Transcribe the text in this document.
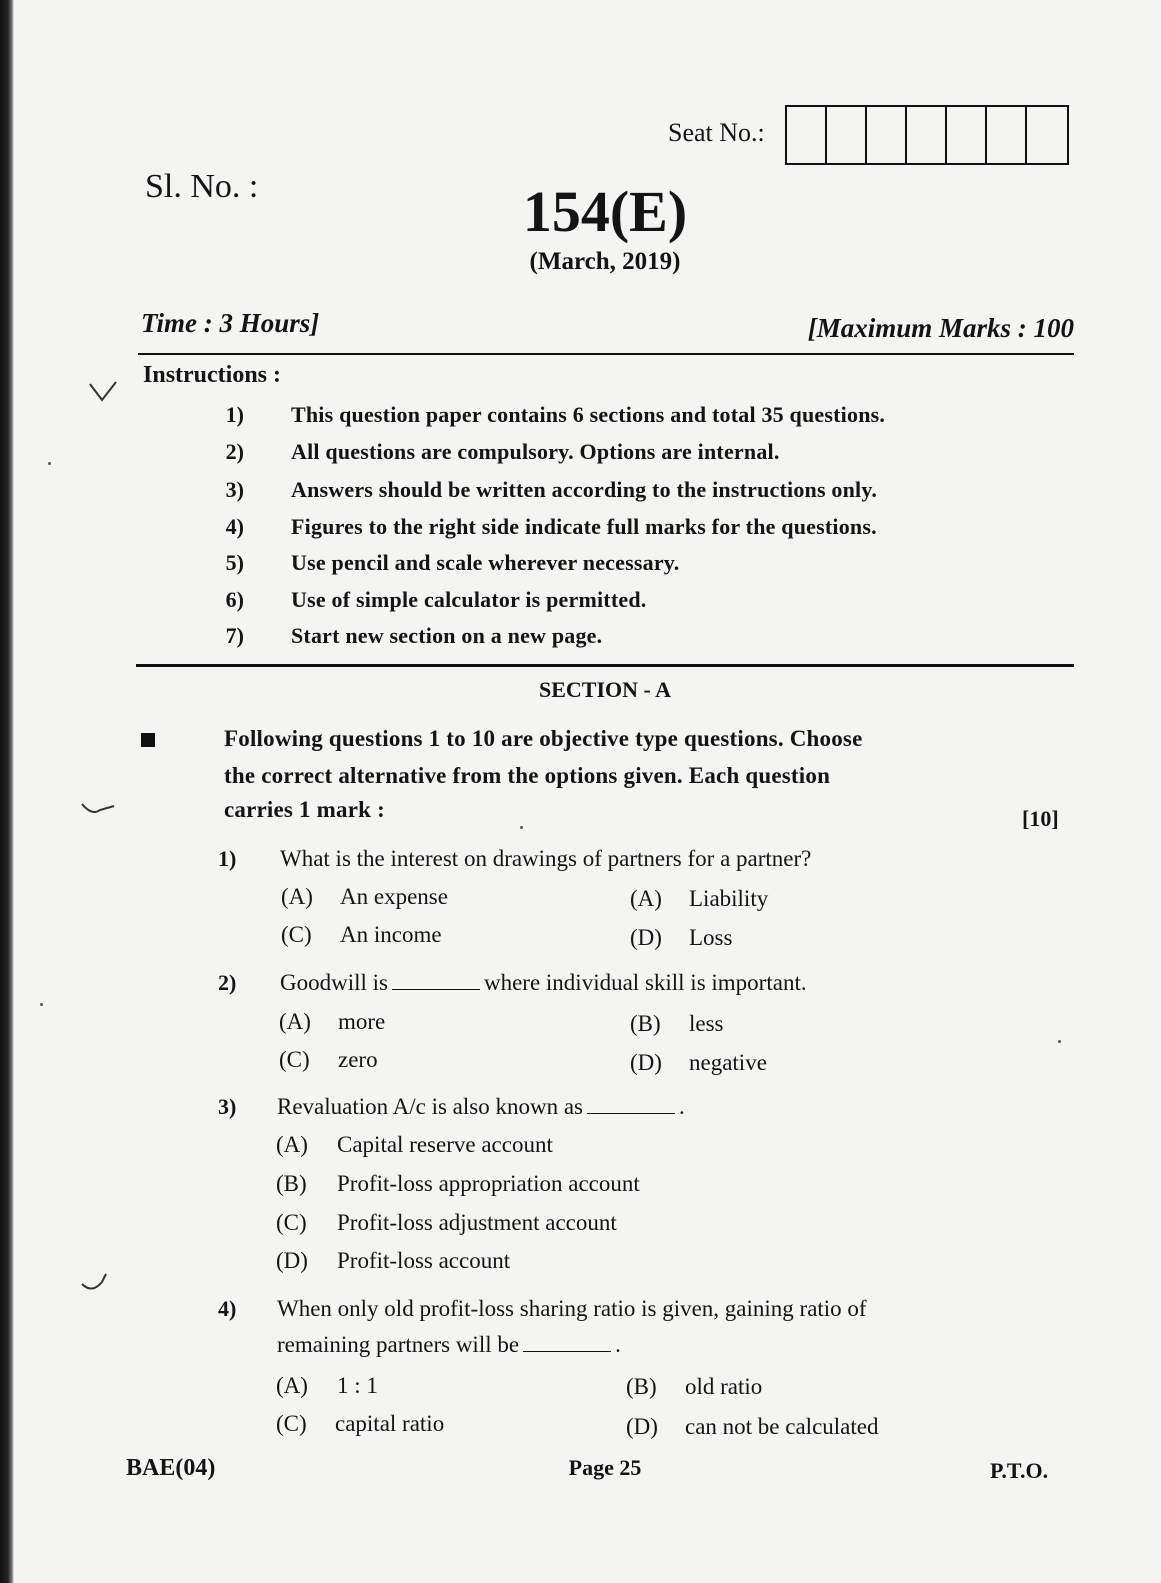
Seat No.:
Sl. No. :	154(E)
(March, 2019)
Time : 3 Hours]	[Maximum Marks : 100
Instructions :
1) This question paper contains 6 sections and total 35 questions.
2) All questions are compulsory. Options are internal.
3) Answers should be written according to the instructions only.
4) Figures to the right side indicate full marks for the questions.
5) Use pencil and scale wherever necessary.
6) Use of simple calculator is permitted.
7) Start new section on a new page.
SECTION - A
Following questions 1 to 10 are objective type questions. Choose
the correct alternative from the options given. Each question
carries 1 mark :	[10]
1) What is the interest on drawings of partners for a partner?
(A) An expense	(A) Liability
(C) An income	(D) Loss
2) Goodwill is	where individual skill is important.
(A) more	(B) less
(C) zero	(D) negative
3) Revaluation A/c is also known as	.
(A) Capital reserve account
(B) Profit-loss appropriation account
(C) Profit-loss adjustment account
(D) Profit-loss account
4) When only old profit-loss sharing ratio is given, gaining ratio of
remaining partners will be	.
(A) 1 : 1	(B) old ratio
(C) capital ratio	(D) can not be calculated
BAE(04)	Page 25	P.T.O.
